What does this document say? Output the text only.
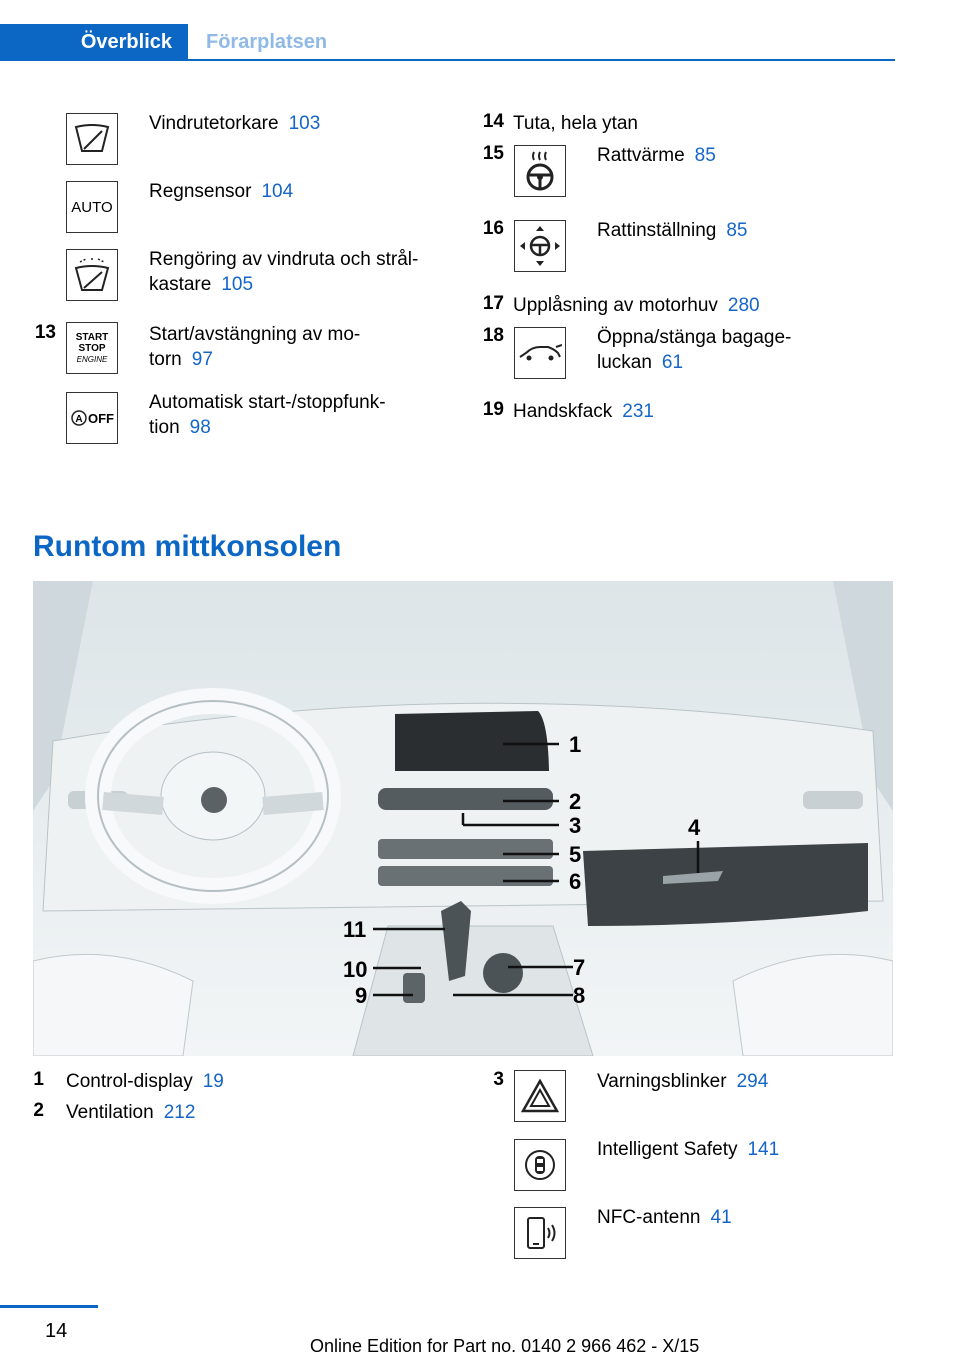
Överblick	Förarplatsen
Vindrutetorkare 103
AUTO
Regnsensor 104
Rengöring av vindruta och strål-
kastare 105
13 START
STOP
ENGINE
Start/avstängning av mo-
torn 97
A OFF
Automatisk start-/stoppfunk-
tion 98
14 Tuta, hela ytan
15	Rattvärme 85
16	Rattinställning 85
17 Upplåsning av motorhuv 280
18	Öppna/stänga bagage-
luckan 61
19 Handskfack 231
Runtom mittkonsolen
1
2
3	4
5
6
7
8
9
10
11
1 Control-display 19
2 Ventilation 212
3	Varningsblinker 294
Intelligent Safety 141
NFC-antenn 41
14
Online Edition for Part no. 0140 2 966 462 - X/15
